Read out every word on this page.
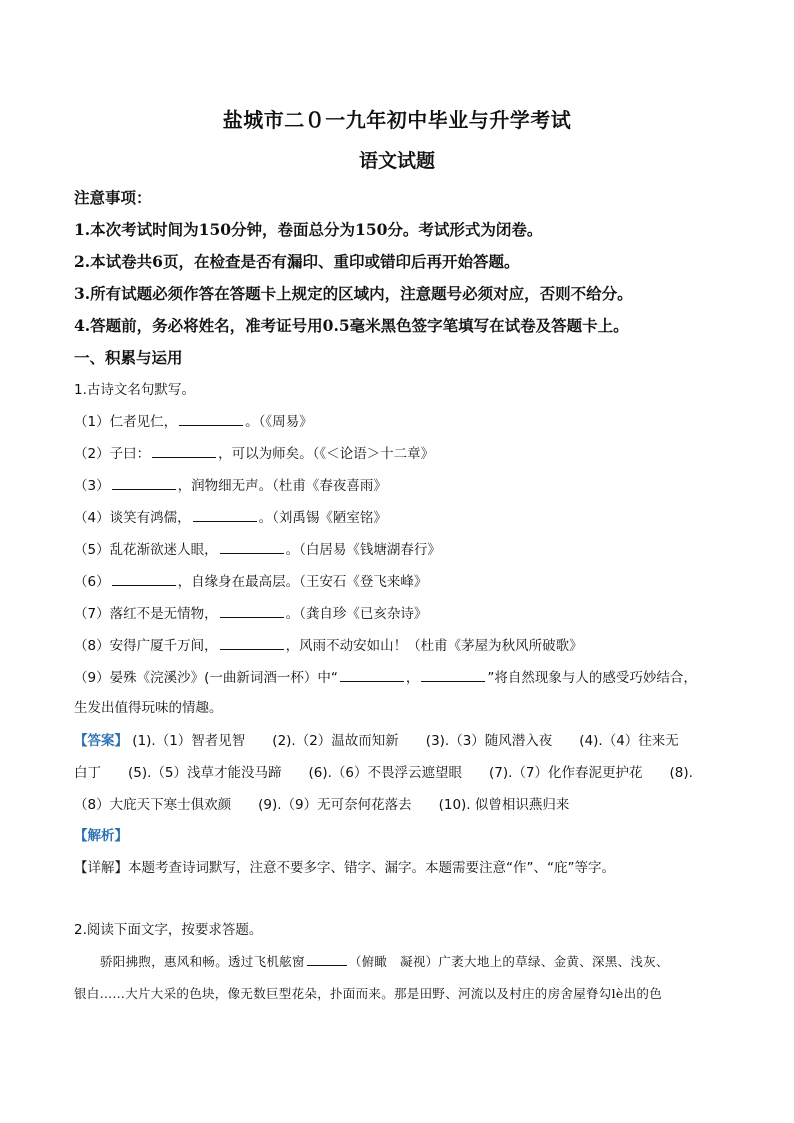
盐城市二０一九年初中毕业与升学考试
语文试题
注意事项：
1.本次考试时间为150分钟，卷面总分为150分。考试形式为闭卷。
2.本试卷共6页，在检查是否有漏印、重印或错印后再开始答题。
3.所有试题必须作答在答题卡上规定的区域内，注意题号必须对应，否则不给分。
4.答题前，务必将姓名，准考证号用0.5毫米黑色签字笔填写在试卷及答题卡上。
一、积累与运用
1.古诗文名句默写。
（1）仁者见仁，	。（《周易》
（2）子曰：	，可以为师矣。（《＜论语＞十二章》
（3）	，润物细无声。（杜甫《春夜喜雨》
（4）谈笑有鸿儒，	。（刘禹锡《陋室铭》
（5）乱花渐欲迷人眼，	。（白居易《钱塘湖春行》
（6）	，自缘身在最高层。（王安石《登飞来峰》
（7）落红不是无情物，	。（龚自珍《已亥杂诗》
（8）安得广厦千万间，	，风雨不动安如山！（杜甫《茅屋为秋风所破歌》
（9）晏殊《浣溪沙》(一曲新词酒一杯）中“	，	”将自然现象与人的感受巧妙结合，
生发出值得玩味的情趣。
【答案】 (1).（1）智者见智　　(2).（2）温故而知新　　(3).（3）随风潜入夜　　(4).（4）往来无
白丁　　(5).（5）浅草才能没马蹄　　(6).（6）不畏浮云遮望眼　　(7).（7）化作春泥更护花　　(8).
（8）大庇天下寒士俱欢颜　　(9).（9）无可奈何花落去　　(10). 似曾相识燕归来
【解析】
【详解】本题考查诗词默写，注意不要多字、错字、漏字。本题需要注意“作”、“庇”等字。
2.阅读下面文字，按要求答题。
骄阳拂煦，惠风和畅。透过飞机舷窗	（俯瞰　凝视）广袤大地上的草绿、金黄、深黑、浅灰、
银白……大片大采的色块，像无数巨型花朵，扑面而来。那是田野、河流以及村庄的房舍屋脊勾lè出的色
